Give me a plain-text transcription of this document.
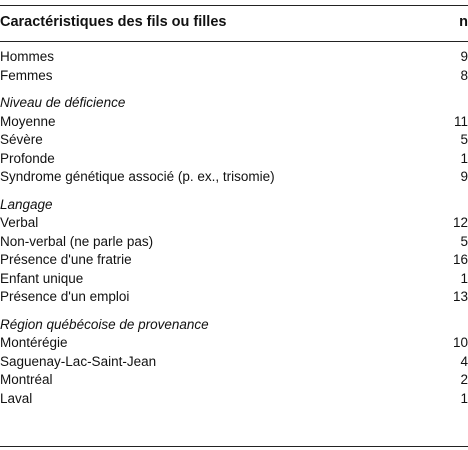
Caractéristiques des fils ou filles	n
Hommes	9
Femmes	8
Niveau de déficience
Moyenne	11
Sévère	5
Profonde	1
Syndrome génétique associé (p. ex., trisomie)	9
Langage
Verbal	12
Non-verbal (ne parle pas)	5
Présence d'une fratrie	16
Enfant unique	1
Présence d'un emploi	13
Région québécoise de provenance
Montérégie	10
Saguenay-Lac-Saint-Jean	4
Montréal	2
Laval	1
